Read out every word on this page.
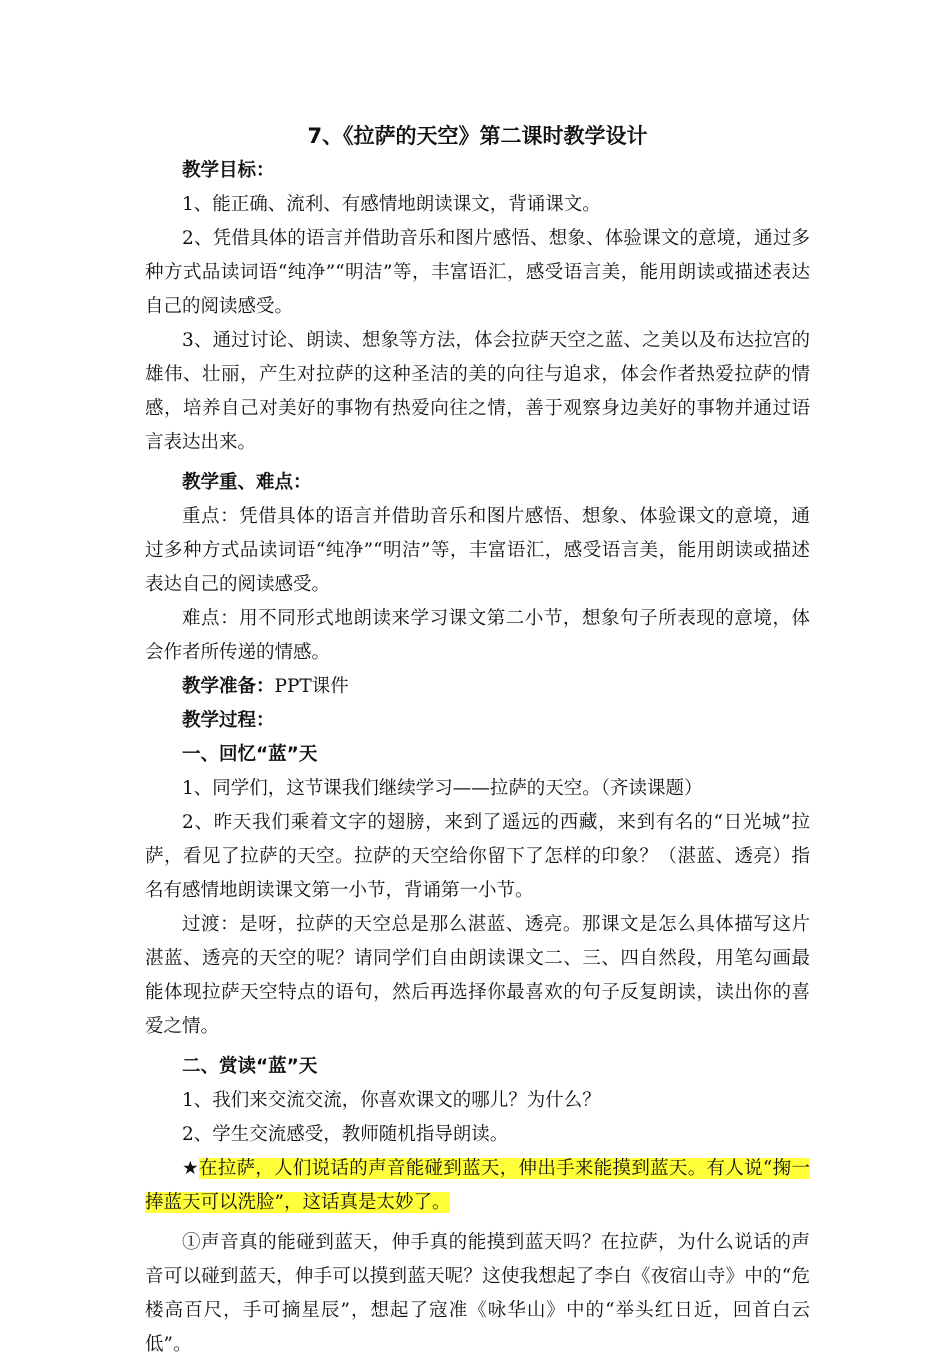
7、《拉萨的天空》第二课时教学设计

教学目标：

1、能正确、流利、有感情地朗读课文，背诵课文。

2、凭借具体的语言并借助音乐和图片感悟、想象、体验课文的意境，通过多种方式品读词语“纯净”“明洁”等，丰富语汇，感受语言美，能用朗读或描述表达自己的阅读感受。

3、通过讨论、朗读、想象等方法，体会拉萨天空之蓝、之美以及布达拉宫的雄伟、壮丽，产生对拉萨的这种圣洁的美的向往与追求，体会作者热爱拉萨的情感，培养自己对美好的事物有热爱向往之情，善于观察身边美好的事物并通过语言表达出来。

教学重、难点：

重点：凭借具体的语言并借助音乐和图片感悟、想象、体验课文的意境，通过多种方式品读词语“纯净”“明洁”等，丰富语汇，感受语言美，能用朗读或描述表达自己的阅读感受。

难点：用不同形式地朗读来学习课文第二小节，想象句子所表现的意境，体会作者所传递的情感。

教学准备：PPT课件

教学过程：

一、回忆“蓝”天

1、同学们，这节课我们继续学习——拉萨的天空。（齐读课题）

2、昨天我们乘着文字的翅膀，来到了遥远的西藏，来到有名的“日光城”拉萨，看见了拉萨的天空。拉萨的天空给你留下了怎样的印象？（湛蓝、透亮）指名有感情地朗读课文第一小节，背诵第一小节。

过渡：是呀，拉萨的天空总是那么湛蓝、透亮。那课文是怎么具体描写这片湛蓝、透亮的天空的呢？请同学们自由朗读课文二、三、四自然段，用笔勾画最能体现拉萨天空特点的语句，然后再选择你最喜欢的句子反复朗读，读出你的喜爱之情。

二、赏读“蓝”天

1、我们来交流交流，你喜欢课文的哪儿？为什么？

2、学生交流感受，教师随机指导朗读。

★在拉萨，人们说话的声音能碰到蓝天，伸出手来能摸到蓝天。有人说“掬一捧蓝天可以洗脸”，这话真是太妙了。

①声音真的能碰到蓝天，伸手真的能摸到蓝天吗？在拉萨，为什么说话的声音可以碰到蓝天，伸手可以摸到蓝天呢？这使我想起了李白《夜宿山寺》中的“危楼高百尺，手可摘星辰”，想起了寇准《咏华山》中的“举头红日近，回首白云低”。
